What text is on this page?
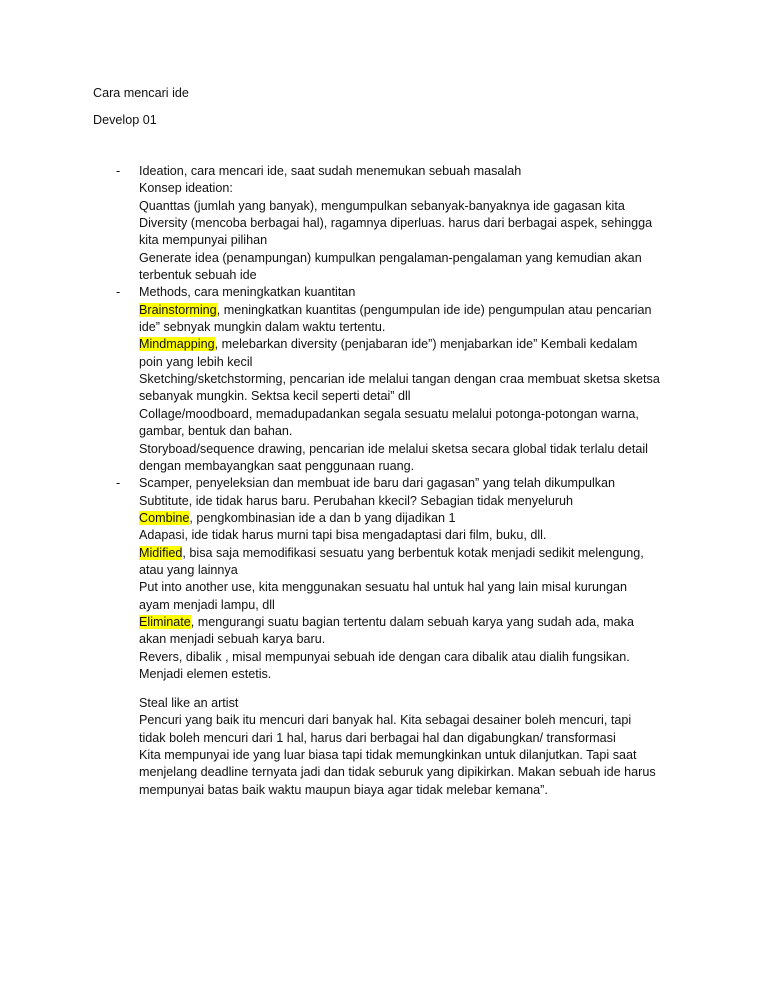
Cara mencari ide
Develop 01
- Ideation, cara mencari ide, saat sudah menemukan sebuah masalah
Konsep ideation:
Quanttas (jumlah yang banyak), mengumpulkan sebanyak-banyaknya ide gagasan kita
Diversity (mencoba berbagai hal), ragamnya diperluas. harus dari berbagai aspek, sehingga
kita mempunyai pilihan
Generate idea (penampungan) kumpulkan pengalaman-pengalaman yang kemudian akan
terbentuk sebuah ide
- Methods, cara meningkatkan kuantitan
Brainstorming, meningkatkan kuantitas (pengumpulan ide ide) pengumpulan atau pencarian
ide” sebnyak mungkin dalam waktu tertentu.
Mindmapping, melebarkan diversity (penjabaran ide”) menjabarkan ide” Kembali kedalam
poin yang lebih kecil
Sketching/sketchstorming, pencarian ide melalui tangan dengan craa membuat sketsa sketsa
sebanyak mungkin. Sektsa kecil seperti detai” dll
Collage/moodboard, memadupadankan segala sesuatu melalui potonga-potongan warna,
gambar, bentuk dan bahan.
Storyboad/sequence drawing, pencarian ide melalui sketsa secara global tidak terlalu detail
dengan membayangkan saat penggunaan ruang.
- Scamper, penyeleksian dan membuat ide baru dari gagasan” yang telah dikumpulkan
Subtitute, ide tidak harus baru. Perubahan kkecil? Sebagian tidak menyeluruh
Combine, pengkombinasian ide a dan b yang dijadikan 1
Adapasi, ide tidak harus murni tapi bisa mengadaptasi dari film, buku, dll.
Midified, bisa saja memodifikasi sesuatu yang berbentuk kotak menjadi sedikit melengung,
atau yang lainnya
Put into another use, kita menggunakan sesuatu hal untuk hal yang lain misal kurungan
ayam menjadi lampu, dll
Eliminate, mengurangi suatu bagian tertentu dalam sebuah karya yang sudah ada, maka
akan menjadi sebuah karya baru.
Revers, dibalik , misal mempunyai sebuah ide dengan cara dibalik atau dialih fungsikan.
Menjadi elemen estetis.
Steal like an artist
Pencuri yang baik itu mencuri dari banyak hal. Kita sebagai desainer boleh mencuri, tapi
tidak boleh mencuri dari 1 hal, harus dari berbagai hal dan digabungkan/ transformasi
Kita mempunyai ide yang luar biasa tapi tidak memungkinkan untuk dilanjutkan. Tapi saat
menjelang deadline ternyata jadi dan tidak seburuk yang dipikirkan. Makan sebuah ide harus
mempunyai batas baik waktu maupun biaya agar tidak melebar kemana”.
